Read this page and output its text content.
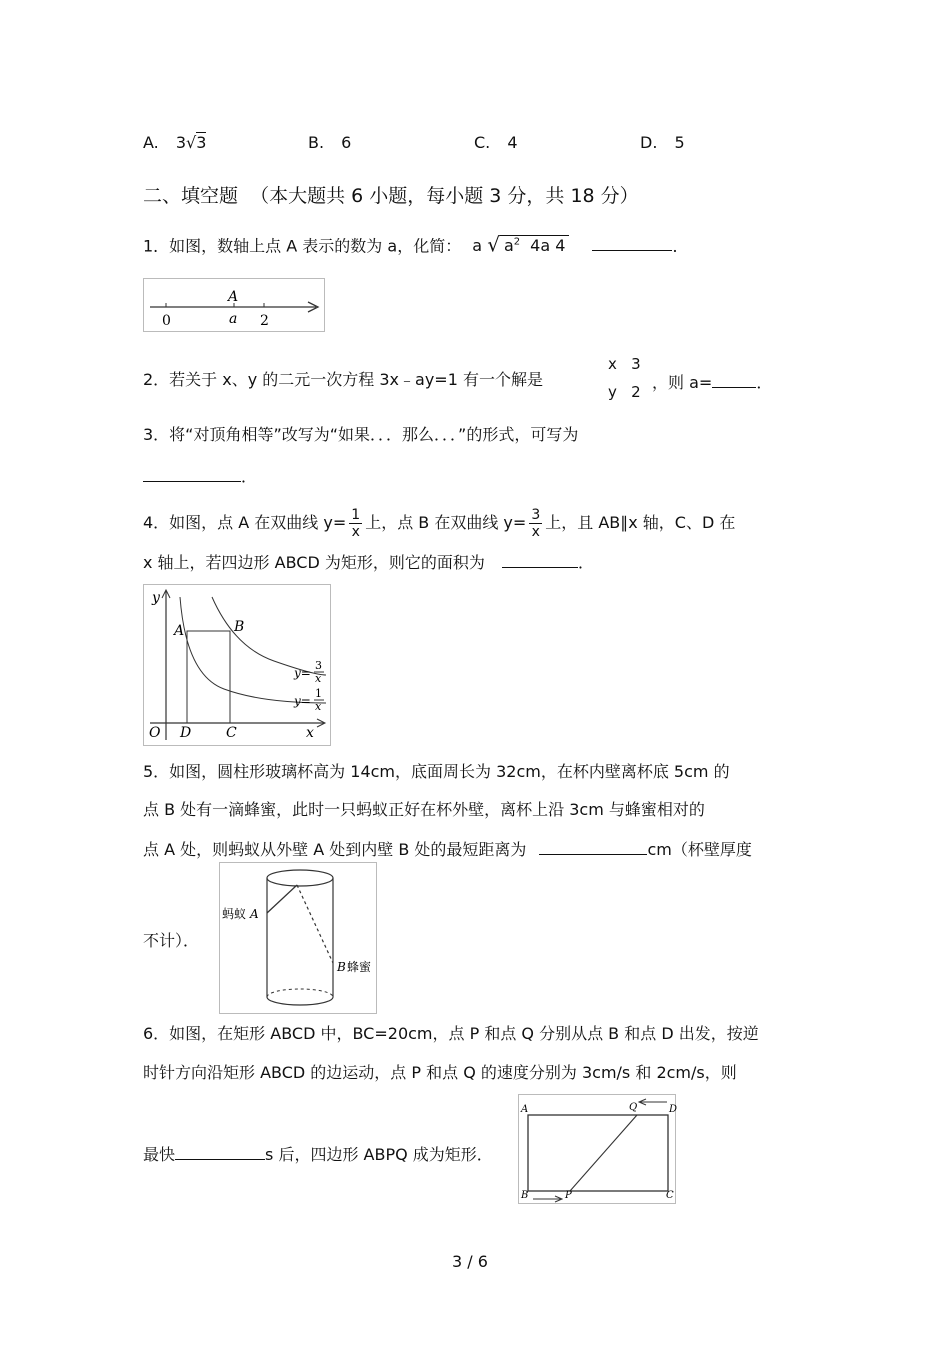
A. 3√3	B. 6	C. 4	D. 5
二、填空题 （本大题共 6 小题，每小题 3 分，共 18 分）
1．如图，数轴上点 A 表示的数为 a，化简： a √ $a^2$ 4a 4	．
0	a
A
2
2．若关于 x、y 的二元一次方程 3x﹣ay=1 有一个解是
x   3
y   2 ，则 a=	．
3．将“对顶角相等”改写为“如果．．．那么．．．”的形式，可写为
．
4．如图，点 A 在双曲线 $y= \frac{1}{x}$ 上，点 B 在双曲线 $y= \frac{3}{x}$ 上，且 AB∥x 轴，C、D 在
x 轴上，若四边形 ABCD 为矩形，则它的面积为	．
y
x
O
A	B
C
D
y=
3
x
y=
1
x
5．如图，圆柱形玻璃杯高为 14cm，底面周长为 32cm，在杯内壁离杯底 5cm 的
点 B 处有一滴蜂蜜，此时一只蚂蚁正好在杯外壁，离杯上沿 3cm 与蜂蜜相对的
点 A 处，则蚂蚁从外壁 A 处到内壁 B 处的最短距离为	cm（杯壁厚度
不计）．
蚂蚁 A
B 蜂蜜
6．如图，在矩形 ABCD 中，BC=20cm，点 P 和点 Q 分别从点 B 和点 D 出发，按逆
时针方向沿矩形 ABCD 的边运动，点 P 和点 Q 的速度分别为 3cm/s 和 2cm/s，则
最快	s 后，四边形 ABPQ 成为矩形．
A	D
B	C
P
Q
3 / 6
